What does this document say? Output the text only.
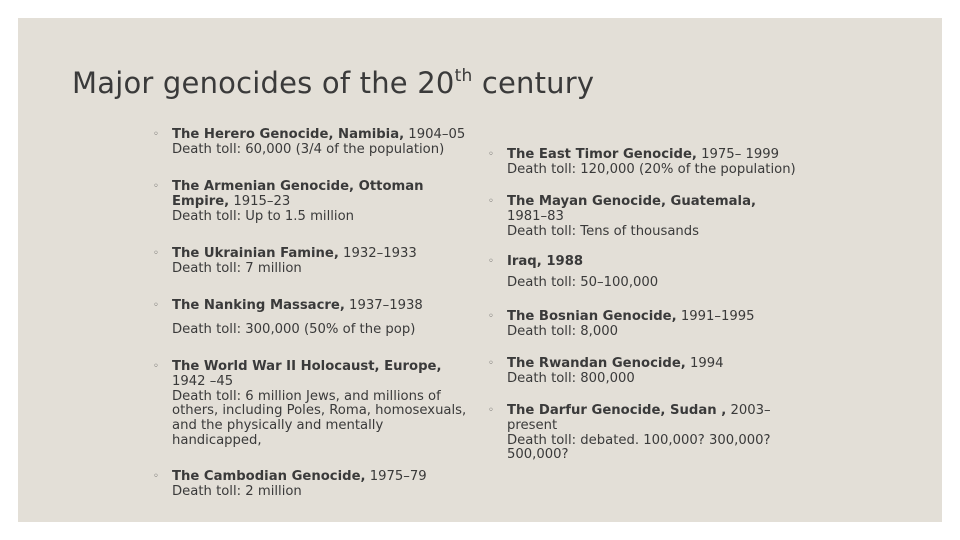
Major genocides of the 20th century
◦ The Herero Genocide, Namibia, 1904–05
Death toll: 60,000 (3/4 of the population)
◦ The Armenian Genocide, Ottoman Empire, 1915–23
Death toll: Up to 1.5 million
◦ The Ukrainian Famine, 1932–1933
Death toll: 7 million
◦ The Nanking Massacre, 1937–1938
Death toll: 300,000 (50% of the pop)
◦ The World War II Holocaust, Europe, 1942 –45
Death toll: 6 million Jews, and millions of others, including Poles, Roma, homosexuals, and the physically and mentally handicapped,
◦ The Cambodian Genocide, 1975–79
Death toll: 2 million
◦ The East Timor Genocide, 1975– 1999
Death toll: 120,000 (20% of the population)
◦ The Mayan Genocide, Guatemala, 1981–83
Death toll: Tens of thousands
◦ Iraq, 1988
Death toll: 50–100,000
◦ The Bosnian Genocide, 1991–1995
Death toll: 8,000
◦ The Rwandan Genocide, 1994
Death toll: 800,000
◦ The Darfur Genocide, Sudan , 2003–present
Death toll: debated. 100,000? 300,000? 500,000?
